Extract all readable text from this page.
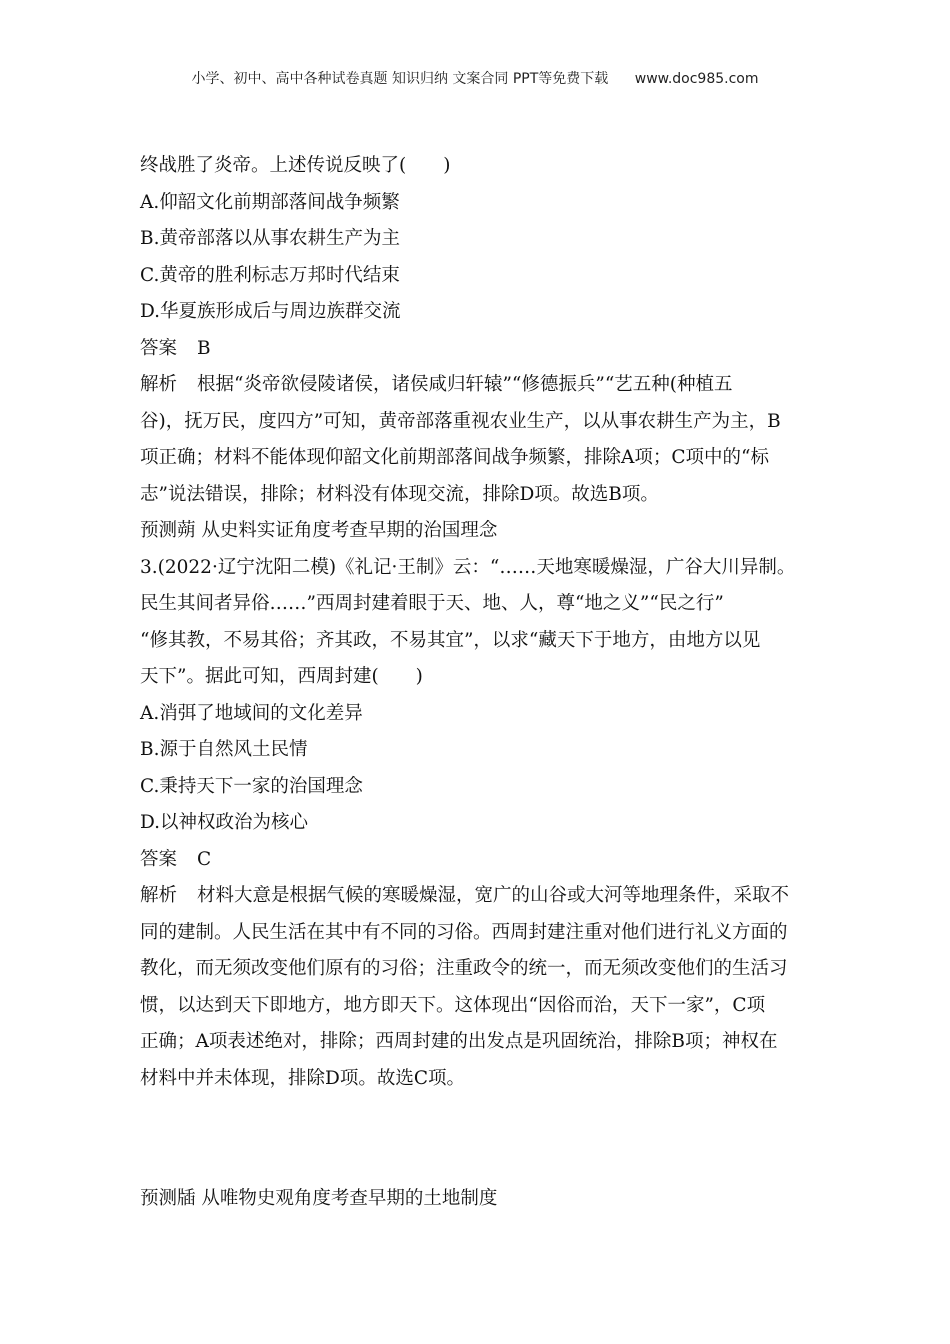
小学、初中、高中各种试卷真题 知识归纳 文案合同 PPT等免费下载 www.doc985.com
终战胜了炎帝。上述传说反映了(　　)
A.仰韶文化前期部落间战争频繁
B.黄帝部落以从事农耕生产为主
C.黄帝的胜利标志万邦时代结束
D.华夏族形成后与周边族群交流
答案 B
解析 根据“炎帝欲侵陵诸侯，诸侯咸归轩辕”“修德振兵”“艺五种(种植五
谷)，抚万民，度四方”可知，黄帝部落重视农业生产，以从事农耕生产为主，B
项正确；材料不能体现仰韶文化前期部落间战争频繁，排除A项；C项中的“标
志”说法错误，排除；材料没有体现交流，排除D项。故选B项。
预测蒴 从史料实证角度考查早期的治国理念
3.(2022·辽宁沈阳二模)《礼记·王制》云：“……天地寒暖燥湿，广谷大川异制。
民生其间者异俗……”西周封建着眼于天、地、人，尊“地之义”“民之行”
“修其教，不易其俗；齐其政，不易其宜”，以求“藏天下于地方，由地方以见
天下”。据此可知，西周封建(　　)
A.消弭了地域间的文化差异
B.源于自然风土民情
C.秉持天下一家的治国理念
D.以神权政治为核心
答案 C
解析 材料大意是根据气候的寒暖燥湿，宽广的山谷或大河等地理条件，采取不
同的建制。人民生活在其中有不同的习俗。西周封建注重对他们进行礼义方面的
教化，而无须改变他们原有的习俗；注重政令的统一，而无须改变他们的生活习
惯，以达到天下即地方，地方即天下。这体现出“因俗而治，天下一家”，C项
正确；A项表述绝对，排除；西周封建的出发点是巩固统治，排除B项；神权在
材料中并未体现，排除D项。故选C项。
预测牐 从唯物史观角度考查早期的土地制度
